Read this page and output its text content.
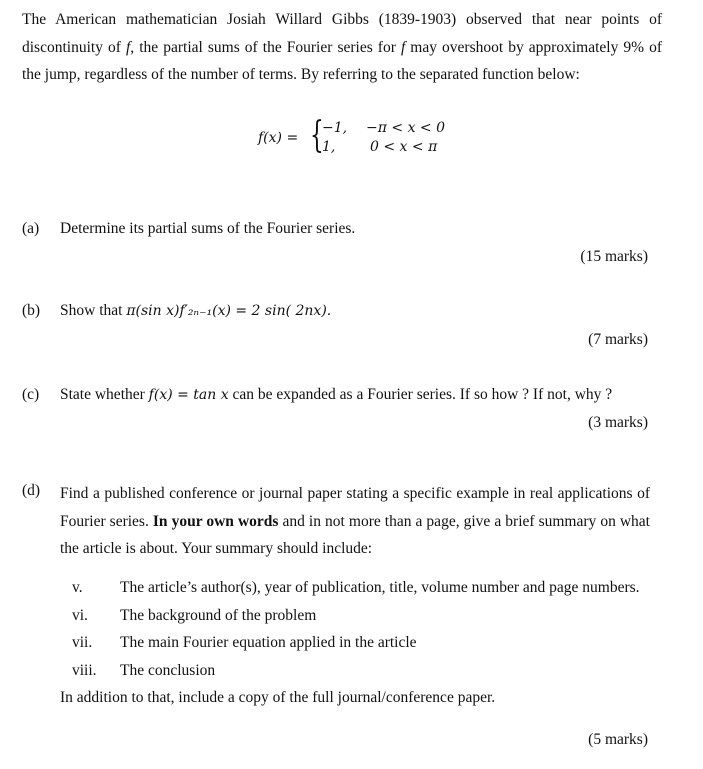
The American mathematician Josiah Willard Gibbs (1839-1903) observed that near points of discontinuity of f, the partial sums of the Fourier series for f may overshoot by approximately 9% of the jump, regardless of the number of terms. By referring to the separated function below:
f(x) = {
−1, −π < x < 0
1, 0 < x < π
(a) Determine its partial sums of the Fourier series.
(15 marks)
(b) Show that π(sin x)f′₂ₙ₋₁(x) = 2 sin( 2nx).
(7 marks)
(c) State whether f(x) = tan x can be expanded as a Fourier series. If so how ? If not, why ?
(3 marks)
(d) Find a published conference or journal paper stating a specific example in real applications of Fourier series. In your own words and in not more than a page, give a brief summary on what the article is about. Your summary should include:
v. The article’s author(s), year of publication, title, volume number and page numbers.
vi. The background of the problem
vii. The main Fourier equation applied in the article
viii. The conclusion
In addition to that, include a copy of the full journal/conference paper.
(5 marks)
